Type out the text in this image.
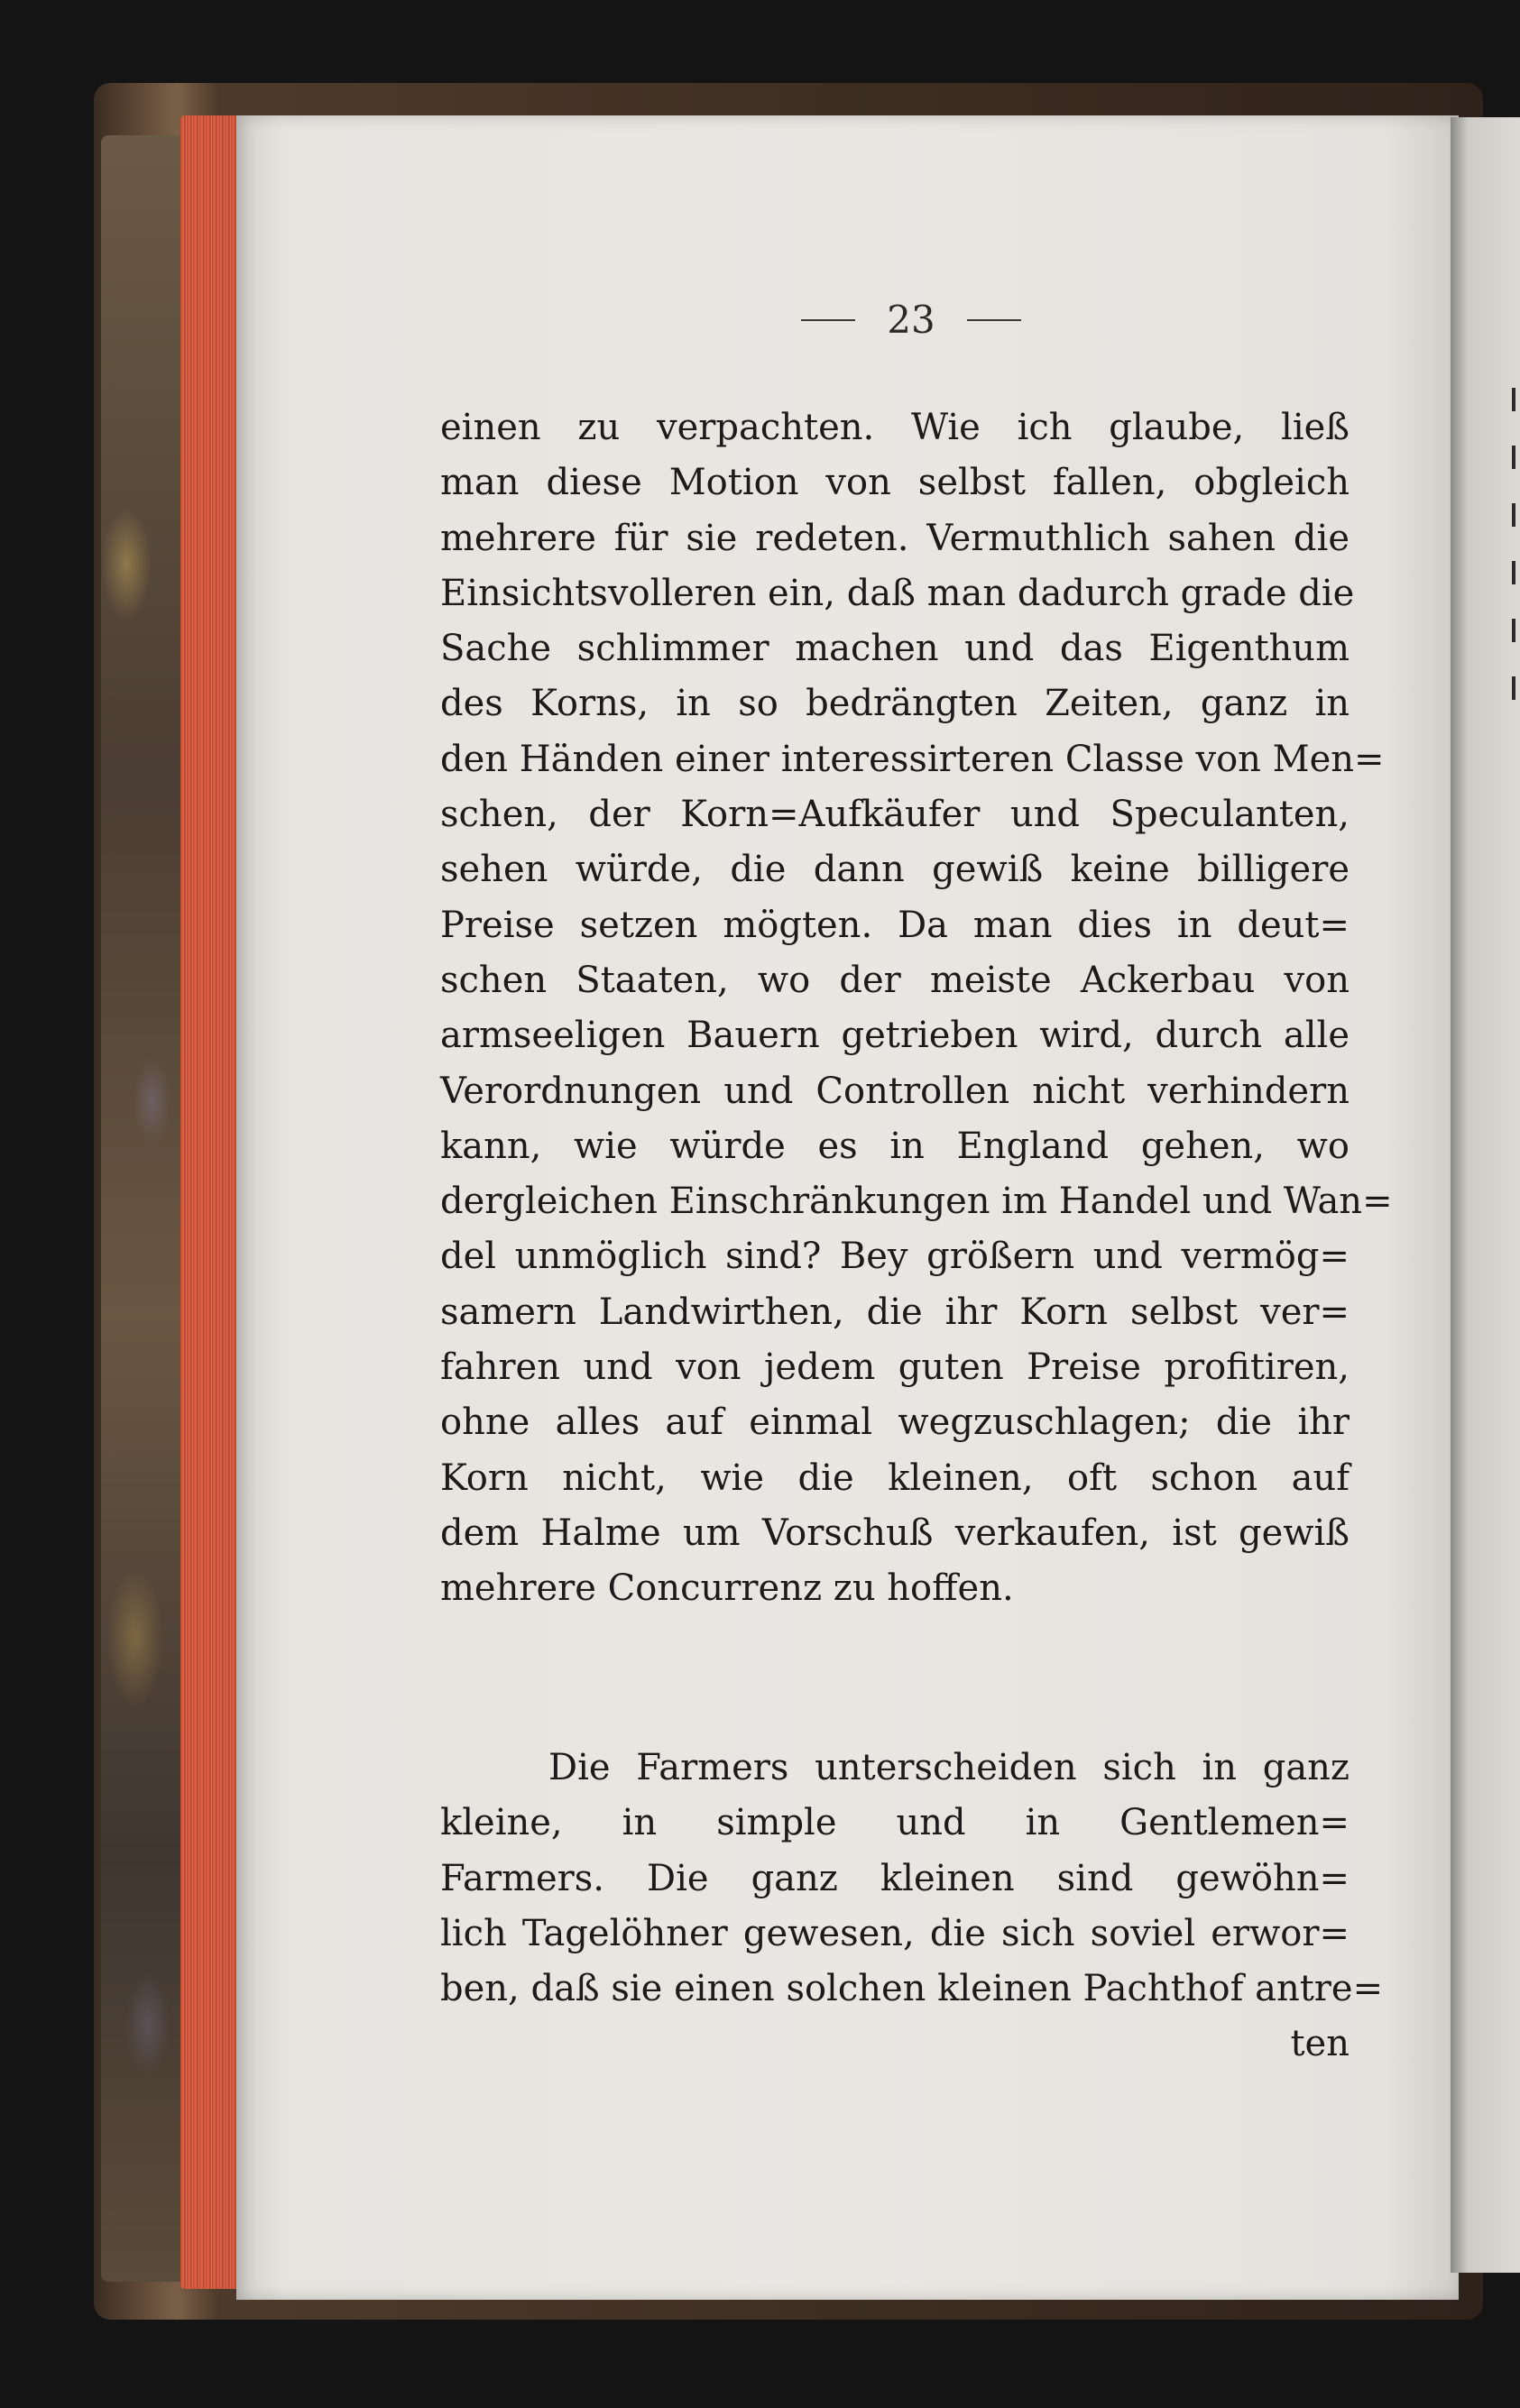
23
einen zu verpachten. Wie ich glaube, ließ
man diese Motion von selbst fallen, obgleich
mehrere für sie redeten. Vermuthlich sahen die
Einsichtsvolleren ein, daß man dadurch grade die
Sache schlimmer machen und das Eigenthum
des Korns, in so bedrängten Zeiten, ganz in
den Händen einer interessirteren Classe von Men=
schen, der Korn=Aufkäufer und Speculanten,
sehen würde, die dann gewiß keine billigere
Preise setzen mögten. Da man dies in deut=
schen Staaten, wo der meiste Ackerbau von
armseeligen Bauern getrieben wird, durch alle
Verordnungen und Controllen nicht verhindern
kann, wie würde es in England gehen, wo
dergleichen Einschränkungen im Handel und Wan=
del unmöglich sind? Bey größern und vermög=
samern Landwirthen, die ihr Korn selbst ver=
fahren und von jedem guten Preise profitiren,
ohne alles auf einmal wegzuschlagen; die ihr
Korn nicht, wie die kleinen, oft schon auf
dem Halme um Vorschuß verkaufen, ist gewiß
mehrere Concurrenz zu hoffen.
Die Farmers unterscheiden sich in ganz
kleine, in simple und in Gentlemen=
Farmers. Die ganz kleinen sind gewöhn=
lich Tagelöhner gewesen, die sich soviel erwor=
ben, daß sie einen solchen kleinen Pachthof antre=
ten
